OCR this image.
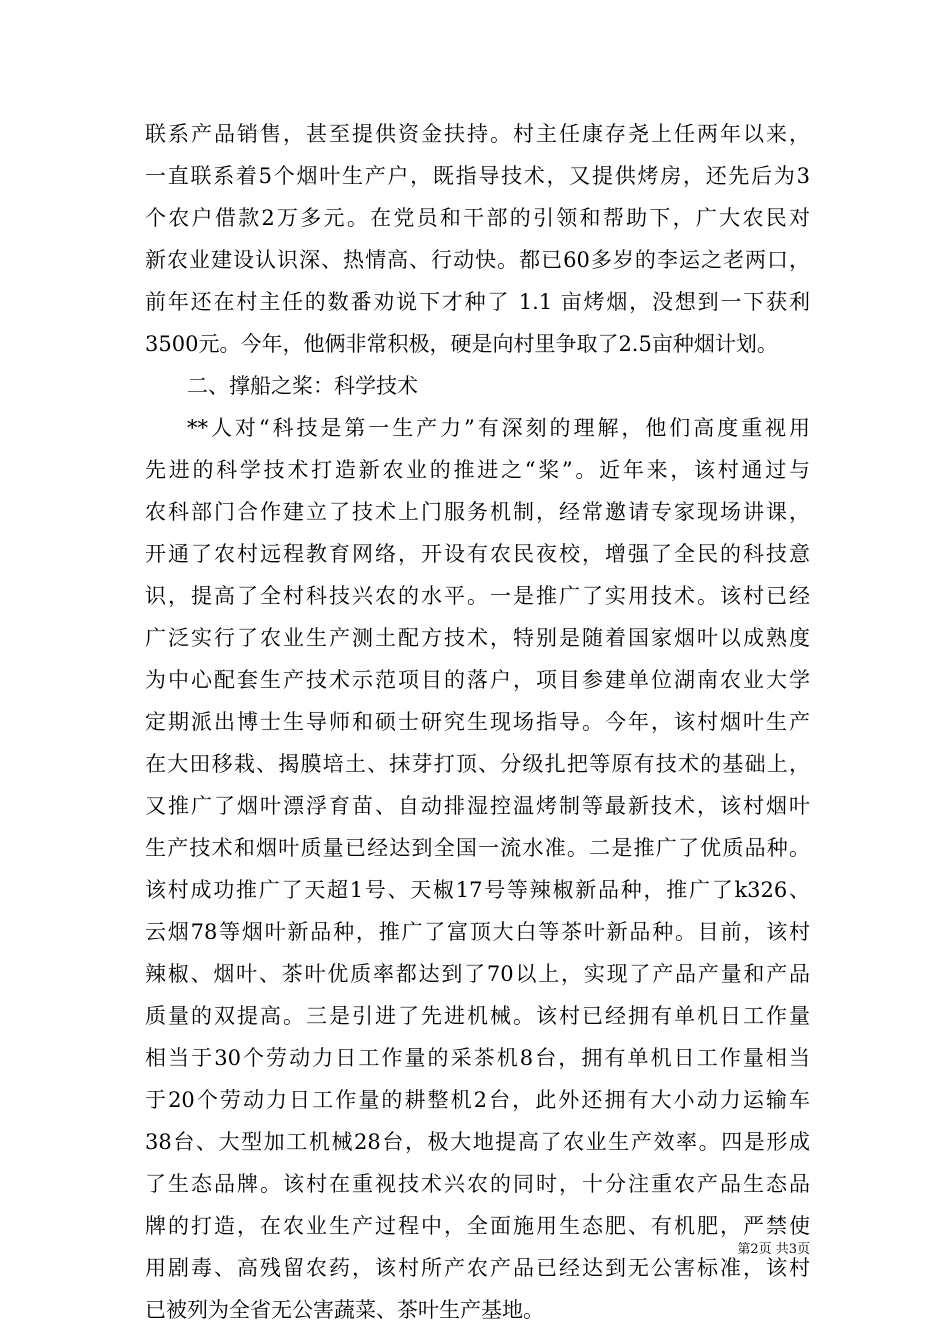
联系产品销售，甚至提供资金扶持。村主任康存尧上任两年以来，
一直联系着5个烟叶生产户，既指导技术，又提供烤房，还先后为3
个农户借款2万多元。在党员和干部的引领和帮助下，广大农民对
新农业建设认识深、热情高、行动快。都已60多岁的李运之老两口，
前年还在村主任的数番劝说下才种了 1.1 亩烤烟，没想到一下获利
3500元。今年，他俩非常积极，硬是向村里争取了2.5亩种烟计划。
二、撑船之桨：科学技术
**人对“科技是第一生产力”有深刻的理解，他们高度重视用
先进的科学技术打造新农业的推进之“桨”。近年来，该村通过与
农科部门合作建立了技术上门服务机制，经常邀请专家现场讲课，
开通了农村远程教育网络，开设有农民夜校，增强了全民的科技意
识，提高了全村科技兴农的水平。一是推广了实用技术。该村已经
广泛实行了农业生产测土配方技术，特别是随着国家烟叶以成熟度
为中心配套生产技术示范项目的落户，项目参建单位湖南农业大学
定期派出博士生导师和硕士研究生现场指导。今年，该村烟叶生产
在大田移栽、揭膜培土、抹芽打顶、分级扎把等原有技术的基础上，
又推广了烟叶漂浮育苗、自动排湿控温烤制等最新技术，该村烟叶
生产技术和烟叶质量已经达到全国一流水准。二是推广了优质品种。
该村成功推广了天超1号、天椒17号等辣椒新品种，推广了k326、
云烟78等烟叶新品种，推广了富顶大白等茶叶新品种。目前，该村
辣椒、烟叶、茶叶优质率都达到了70以上，实现了产品产量和产品
质量的双提高。三是引进了先进机械。该村已经拥有单机日工作量
相当于30个劳动力日工作量的采茶机8台，拥有单机日工作量相当
于20个劳动力日工作量的耕整机2台，此外还拥有大小动力运输车
38台、大型加工机械28台，极大地提高了农业生产效率。四是形成
了生态品牌。该村在重视技术兴农的同时，十分注重农产品生态品
牌的打造，在农业生产过程中，全面施用生态肥、有机肥，严禁使
用剧毒、高残留农药，该村所产农产品已经达到无公害标准，该村
已被列为全省无公害蔬菜、茶叶生产基地。
第2页 共3页
